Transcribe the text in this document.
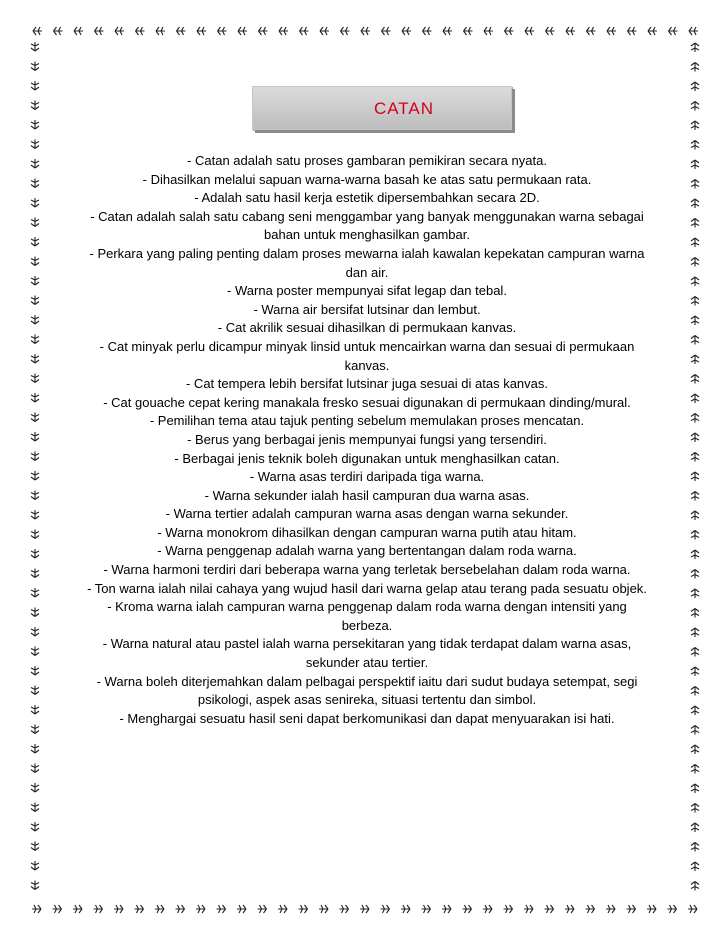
CATAN

- Catan adalah satu proses gambaran pemikiran secara nyata.

- Dihasilkan melalui sapuan warna-warna basah ke atas satu permukaan rata.

- Adalah satu hasil kerja estetik dipersembahkan secara 2D.

- Catan adalah salah satu cabang seni menggambar yang banyak menggunakan warna sebagai bahan untuk menghasilkan gambar.

- Perkara yang paling penting dalam proses mewarna ialah kawalan kepekatan campuran warna dan air.

- Warna poster mempunyai sifat legap dan tebal.

- Warna air bersifat lutsinar dan lembut.

- Cat akrilik sesuai dihasilkan di permukaan kanvas.

- Cat minyak perlu dicampur minyak linsid untuk mencairkan warna dan sesuai di permukaan kanvas.

- Cat tempera lebih bersifat lutsinar juga sesuai di atas kanvas.

- Cat gouache cepat kering manakala fresko sesuai digunakan di permukaan dinding/mural.

- Pemilihan tema atau tajuk penting sebelum memulakan proses mencatan.

- Berus yang berbagai jenis mempunyai fungsi yang tersendiri.

- Berbagai jenis teknik boleh digunakan untuk menghasilkan catan.

- Warna asas terdiri daripada tiga warna.

- Warna sekunder ialah hasil campuran dua warna asas.

- Warna tertier adalah campuran warna asas dengan warna sekunder.

- Warna monokrom dihasilkan dengan campuran warna putih atau hitam.

- Warna penggenap adalah warna yang bertentangan dalam roda warna.

- Warna harmoni terdiri dari beberapa warna yang terletak bersebelahan dalam roda warna.

- Ton warna ialah nilai cahaya yang wujud hasil dari warna gelap atau terang pada sesuatu objek.

- Kroma warna ialah campuran warna penggenap dalam roda warna dengan intensiti yang berbeza.

- Warna natural atau pastel ialah warna persekitaran yang tidak terdapat dalam warna asas, sekunder atau tertier.

- Warna boleh diterjemahkan dalam pelbagai perspektif iaitu dari sudut budaya setempat, segi psikologi, aspek asas senireka, situasi tertentu dan simbol.

- Menghargai sesuatu hasil seni dapat berkomunikasi dan dapat menyuarakan isi hati.
